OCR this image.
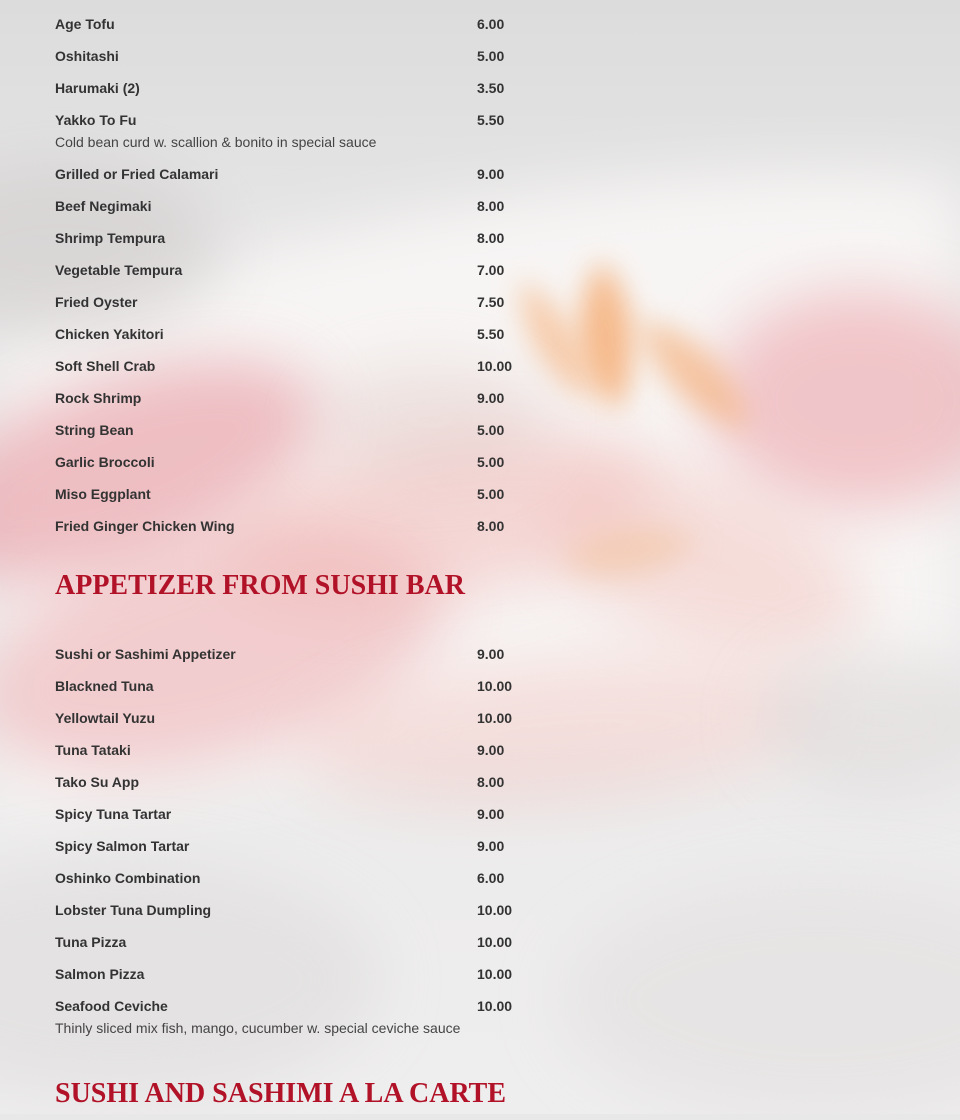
Age Tofu	6.00
Oshitashi	5.00
Harumaki (2)	3.50
Yakko To Fu	5.50
Cold bean curd w. scallion & bonito in special sauce
Grilled or Fried Calamari	9.00
Beef Negimaki	8.00
Shrimp Tempura	8.00
Vegetable Tempura	7.00
Fried Oyster	7.50
Chicken Yakitori	5.50
Soft Shell Crab	10.00
Rock Shrimp	9.00
String Bean	5.00
Garlic Broccoli	5.00
Miso Eggplant	5.00
Fried Ginger Chicken Wing	8.00
APPETIZER FROM SUSHI BAR
Sushi or Sashimi Appetizer	9.00
Blackned Tuna	10.00
Yellowtail Yuzu	10.00
Tuna Tataki	9.00
Tako Su App	8.00
Spicy Tuna Tartar	9.00
Spicy Salmon Tartar	9.00
Oshinko Combination	6.00
Lobster Tuna Dumpling	10.00
Tuna Pizza	10.00
Salmon Pizza	10.00
Seafood Ceviche	10.00
Thinly sliced mix fish, mango, cucumber w. special ceviche sauce
SUSHI AND SASHIMI A LA CARTE
